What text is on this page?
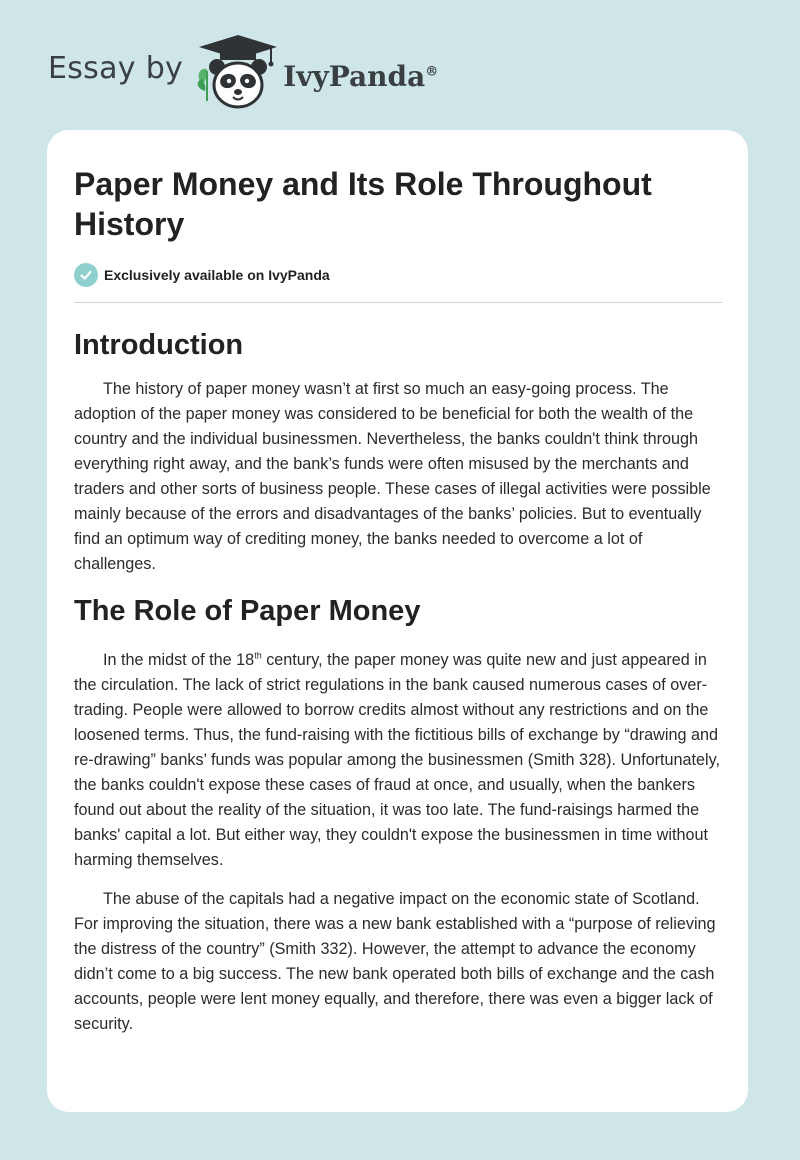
Essay by	IvyPanda®
Paper Money and Its Role Throughout History
Exclusively available on IvyPanda
Introduction

The history of paper money wasn’t at first so much an easy-going process. The adoption of the paper money was considered to be beneficial for both the wealth of the country and the individual businessmen. Nevertheless, the banks couldn't think through everything right away, and the bank’s funds were often misused by the merchants and traders and other sorts of business people. These cases of illegal activities were possible mainly because of the errors and disadvantages of the banks’ policies. But to eventually find an optimum way of crediting money, the banks needed to overcome a lot of challenges.

The Role of Paper Money

In the midst of the 18th century, the paper money was quite new and just appeared in the circulation. The lack of strict regulations in the bank caused numerous cases of over-trading. People were allowed to borrow credits almost without any restrictions and on the loosened terms. Thus, the fund-raising with the fictitious bills of exchange by “drawing and re-drawing” banks’ funds was popular among the businessmen (Smith 328). Unfortunately, the banks couldn't expose these cases of fraud at once, and usually, when the bankers found out about the reality of the situation, it was too late. The fund-raisings harmed the banks' capital a lot. But either way, they couldn't expose the businessmen in time without harming themselves.

The abuse of the capitals had a negative impact on the economic state of Scotland. For improving the situation, there was a new bank established with a “purpose of relieving the distress of the country” (Smith 332). However, the attempt to advance the economy didn’t come to a big success. The new bank operated both bills of exchange and the cash accounts, people were lent money equally, and therefore, there was even a bigger lack of security.
